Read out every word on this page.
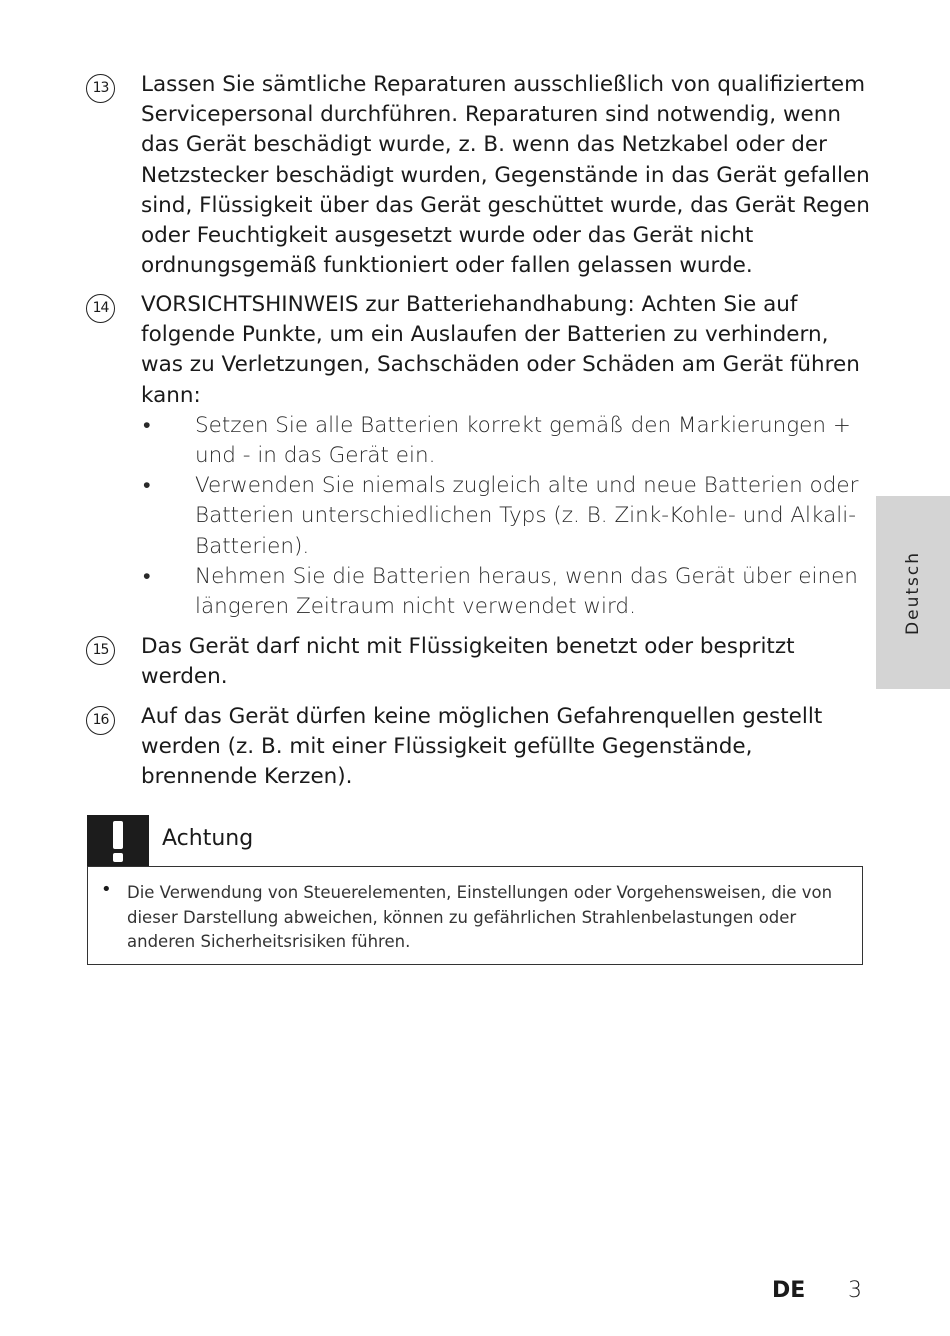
13	Lassen Sie sämtliche Reparaturen ausschließlich von qualifiziertem Servicepersonal durchführen. Reparaturen sind notwendig, wenn das Gerät beschädigt wurde, z. B. wenn das Netzkabel oder der Netzstecker beschädigt wurden, Gegenstände in das Gerät gefallen sind, Flüssigkeit über das Gerät geschüttet wurde, das Gerät Regen oder Feuchtigkeit ausgesetzt wurde oder das Gerät nicht ordnungsgemäß funktioniert oder fallen gelassen wurde.
14	VORSICHTSHINWEIS zur Batteriehandhabung: Achten Sie auf folgende Punkte, um ein Auslaufen der Batterien zu verhindern, was zu Verletzungen, Sachschäden oder Schäden am Gerät führen kann:
• Setzen Sie alle Batterien korrekt gemäß den Markierungen + und - in das Gerät ein.
• Verwenden Sie niemals zugleich alte und neue Batterien oder Batterien unterschiedlichen Typs (z. B. Zink-Kohle- und Alkali-Batterien).
• Nehmen Sie die Batterien heraus, wenn das Gerät über einen längeren Zeitraum nicht verwendet wird.
15	Das Gerät darf nicht mit Flüssigkeiten benetzt oder bespritzt werden.
16	Auf das Gerät dürfen keine möglichen Gefahrenquellen gestellt werden (z. B. mit einer Flüssigkeit gefüllte Gegenstände, brennende Kerzen).
Achtung
• Die Verwendung von Steuerelementen, Einstellungen oder Vorgehensweisen, die von dieser Darstellung abweichen, können zu gefährlichen Strahlenbelastungen oder anderen Sicherheitsrisiken führen.
Deutsch
DE 3
